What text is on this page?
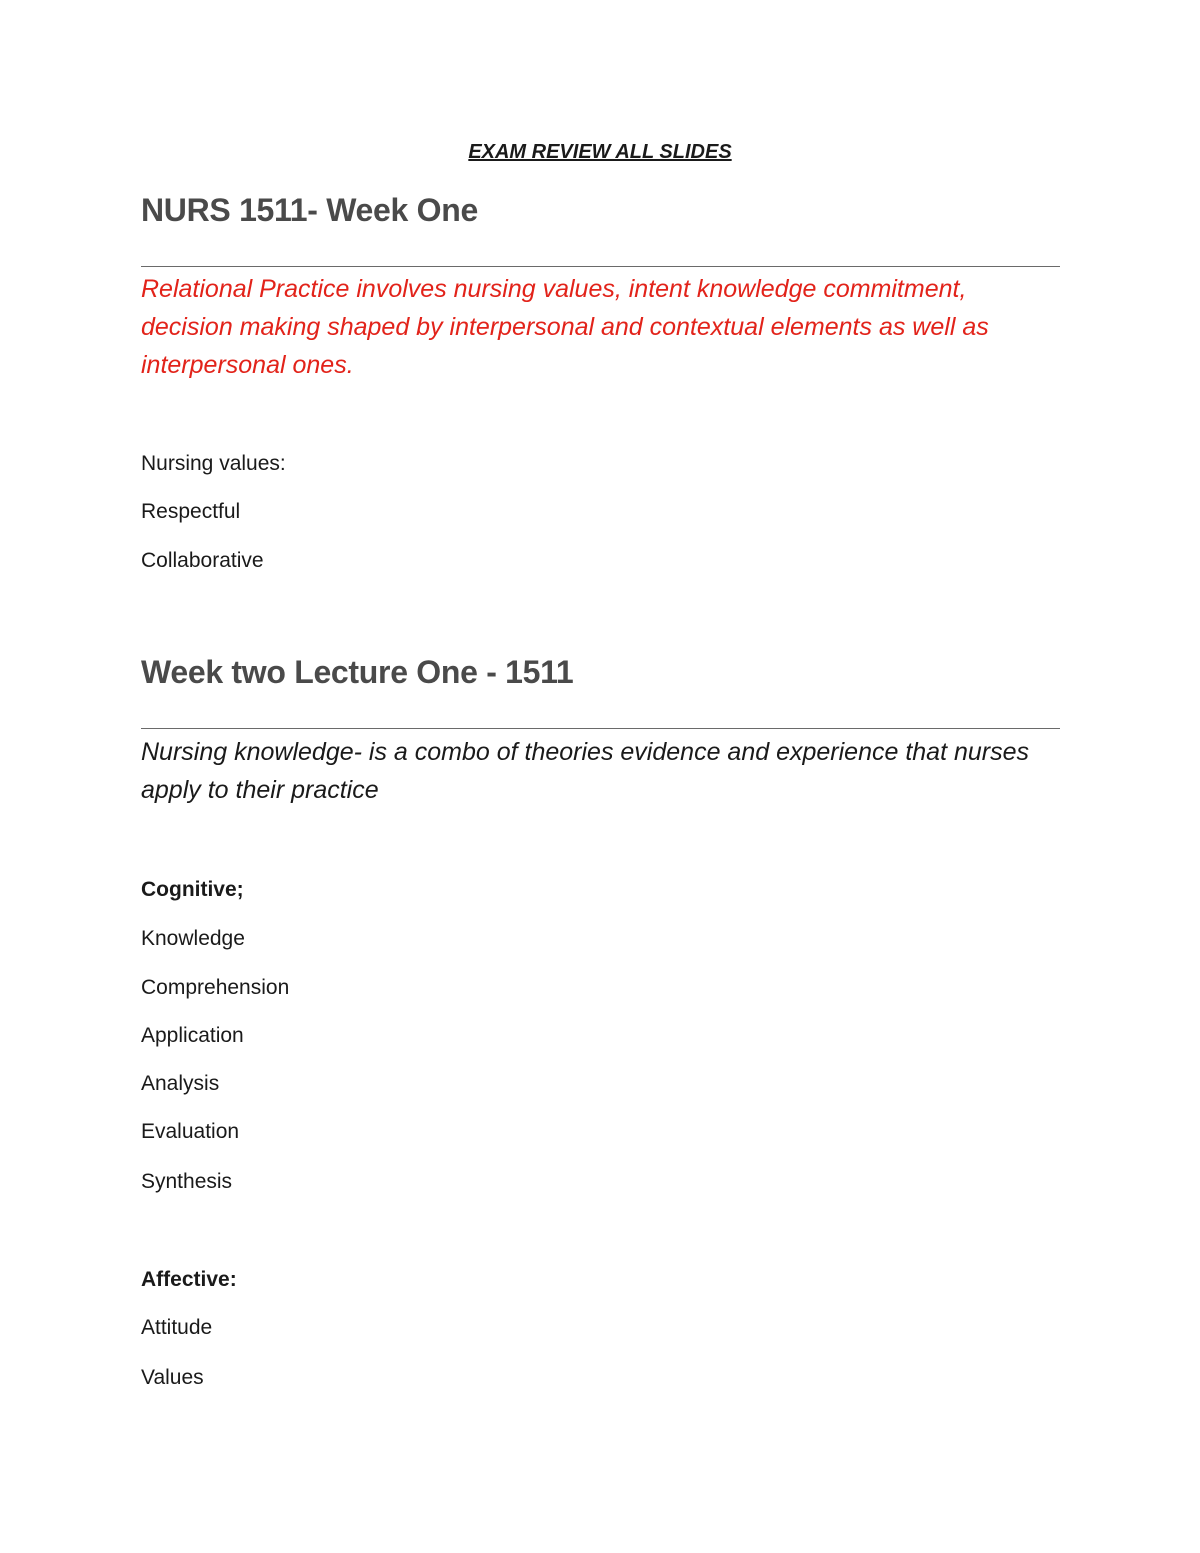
EXAM REVIEW ALL SLIDES

NURS 1511- Week One

Relational Practice involves nursing values, intent knowledge commitment, decision making shaped by interpersonal and contextual elements as well as interpersonal ones.

Nursing values:

Respectful

Collaborative

Week two Lecture One - 1511

Nursing knowledge- is a combo of theories evidence and experience that nurses apply to their practice

Cognitive;

Knowledge

Comprehension

Application

Analysis

Evaluation

Synthesis

Affective:

Attitude

Values
